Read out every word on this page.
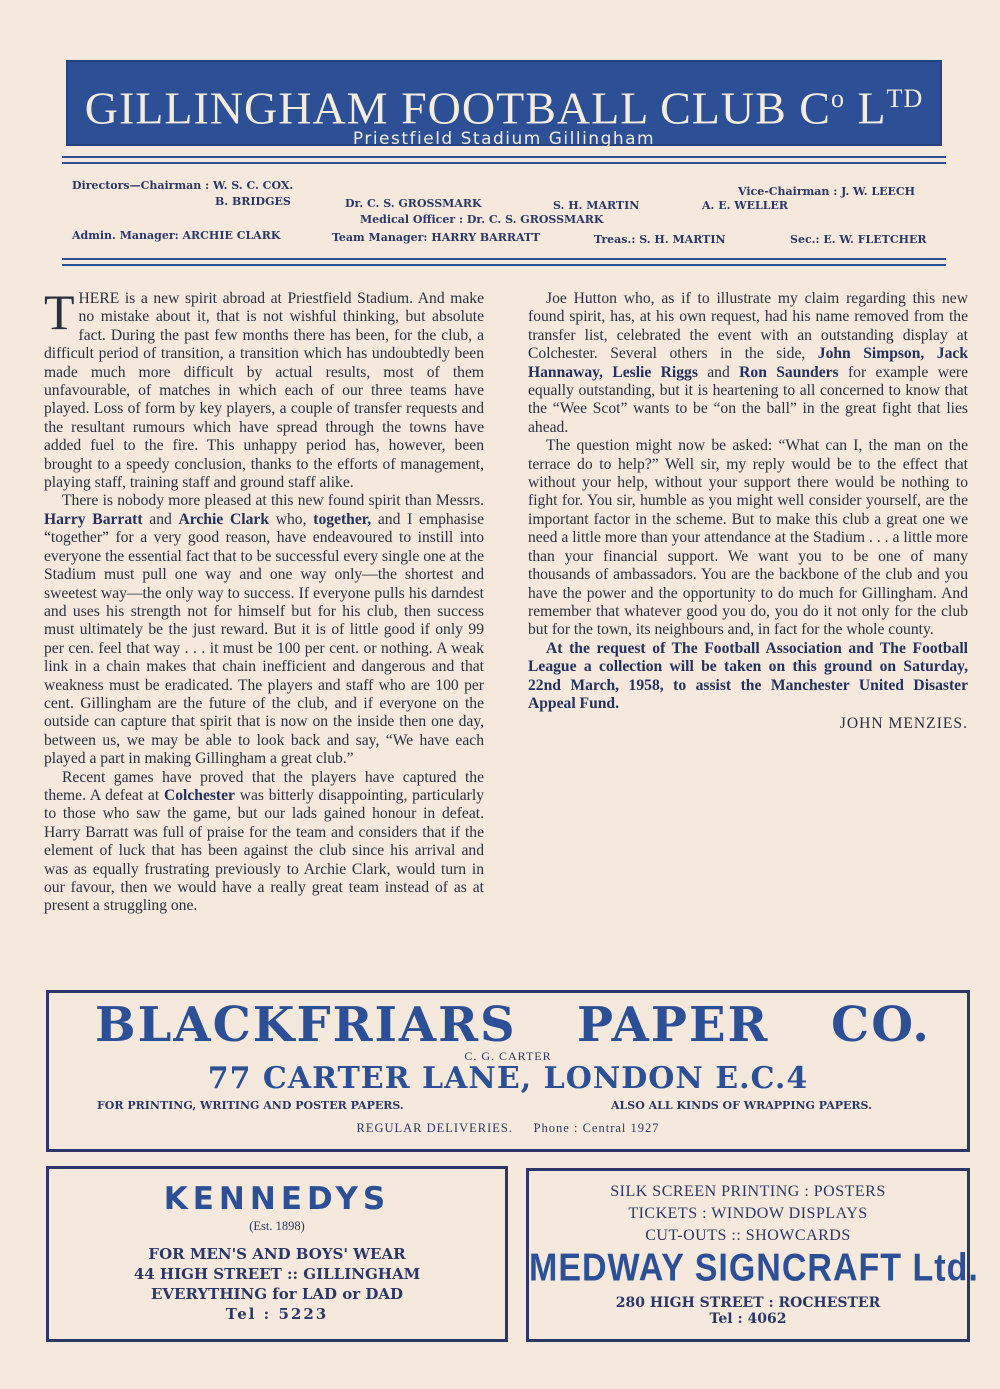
GILLINGHAM FOOTBALL CLUB $C^o$ $L^{TD}$
Priestfield Stadium Gillingham
Directors—Chairman : W. S. C. COX.	Vice-Chairman : J. W. LEECH
B. BRIDGES	Dr. C. S. GROSSMARK	S. H. MARTIN	A. E. WELLER
Medical Officer : Dr. C. S. GROSSMARK
Admin. Manager: ARCHIE CLARK	Team Manager: HARRY BARRATT	Treas.: S. H. MARTIN	Sec.: E. W. FLETCHER

THERE is a new spirit abroad at Priestfield Stadium. And make no mistake about it, that is not wishful thinking, but absolute fact. During the past few months there has been, for the club, a difficult period of transition, a transition which has undoubtedly been made much more difficult by actual results, most of them unfavourable, of matches in which each of our three teams have played. Loss of form by key players, a couple of transfer requests and the resultant rumours which have spread through the towns have added fuel to the fire. This unhappy period has, however, been brought to a speedy conclusion, thanks to the efforts of management, playing staff, training staff and ground staff alike.

There is nobody more pleased at this new found spirit than Messrs. Harry Barratt and Archie Clark who, together, and I emphasise “together” for a very good reason, have endeavoured to instill into everyone the essential fact that to be successful every single one at the Stadium must pull one way and one way only—the shortest and sweetest way—the only way to success. If everyone pulls his darndest and uses his strength not for himself but for his club, then success must ultimately be the just reward. But it is of little good if only 99 per cen. feel that way . . . it must be 100 per cent. or nothing. A weak link in a chain makes that chain inefficient and dangerous and that weakness must be eradicated. The players and staff who are 100 per cent. Gillingham are the future of the club, and if everyone on the outside can capture that spirit that is now on the inside then one day, between us, we may be able to look back and say, “We have each played a part in making Gillingham a great club.”

Recent games have proved that the players have captured the theme. A defeat at Colchester was bitterly disappointing, particularly to those who saw the game, but our lads gained honour in defeat. Harry Barratt was full of praise for the team and considers that if the element of luck that has been against the club since his arrival and was as equally frustrating previously to Archie Clark, would turn in our favour, then we would have a really great team instead of as at present a struggling one.

Joe Hutton who, as if to illustrate my claim regarding this new found spirit, has, at his own request, had his name removed from the transfer list, celebrated the event with an outstanding display at Colchester. Several others in the side, John Simpson, Jack Hannaway, Leslie Riggs and Ron Saunders for example were equally outstanding, but it is heartening to all concerned to know that the “Wee Scot” wants to be “on the ball” in the great fight that lies ahead.

The question might now be asked: “What can I, the man on the terrace do to help?” Well sir, my reply would be to the effect that without your help, without your support there would be nothing to fight for. You sir, humble as you might well consider yourself, are the important factor in the scheme. But to make this club a great one we need a little more than your attendance at the Stadium . . . a little more than your financial support. We want you to be one of many thousands of ambassadors. You are the backbone of the club and you have the power and the opportunity to do much for Gillingham. And remember that whatever good you do, you do it not only for the club but for the town, its neighbours and, in fact for the whole county.

At the request of The Football Association and The Football League a collection will be taken on this ground on Saturday, 22nd March, 1958, to assist the Manchester United Disaster Appeal Fund.

JOHN MENZIES.
BLACKFRIARS PAPER CO.
C. G. CARTER
77 CARTER LANE, LONDON E.C.4
FOR PRINTING, WRITING AND POSTER PAPERS.	ALSO ALL KINDS OF WRAPPING PAPERS.
REGULAR DELIVERIES. Phone : Central 1927
KENNEDYS
(Est. 1898)
FOR MEN'S AND BOYS' WEAR
44 HIGH STREET :: GILLINGHAM
EVERYTHING for LAD or DAD
Tel : 5223
SILK SCREEN PRINTING : POSTERS
TICKETS : WINDOW DISPLAYS
CUT-OUTS :: SHOWCARDS
MEDWAY SIGNCRAFT Ltd.
280 HIGH STREET : ROCHESTER
Tel : 4062
